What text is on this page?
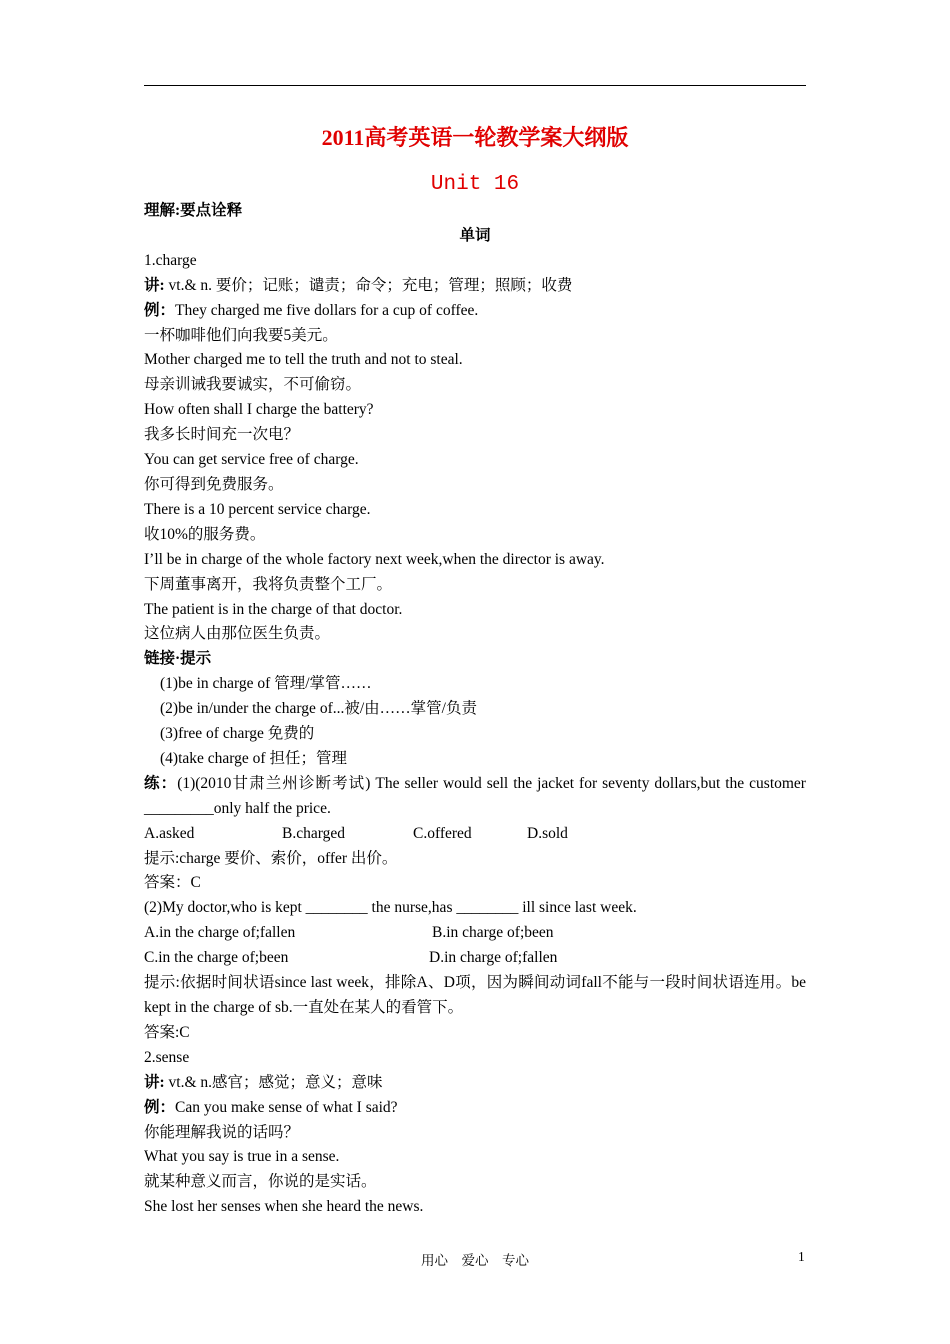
2011高考英语一轮教学案大纲版
Unit 16

理解:要点诠释

单词

1.charge

讲: vt.& n. 要价；记账；谴责；命令；充电；管理；照顾；收费

例：They charged me five dollars for a cup of coffee.

一杯咖啡他们向我要5美元。

Mother charged me to tell the truth and not to steal.

母亲训诫我要诚实，不可偷窃。

How often shall I charge the battery?

我多长时间充一次电？

You can get service free of charge.

你可得到免费服务。

There is a 10 percent service charge.

收10%的服务费。

I’ll be in charge of the whole factory next week,when the director is away.

下周董事离开，我将负责整个工厂。

The patient is in the charge of that doctor.

这位病人由那位医生负责。

链接·提示

(1)be in charge of 管理/掌管……

(2)be in/under the charge of...被/由……掌管/负责

(3)free of charge 免费的

(4)take charge of 担任；管理

练：(1)(2010甘肃兰州诊断考试) The seller would sell the jacket for seventy dollars,but the customer _________only half the price.

A.asked	B.charged	C.offered	D.sold

提示:charge 要价、索价，offer 出价。

答案：C

(2)My doctor,who is kept ________ the nurse,has ________ ill since last week.

A.in the charge of;fallen	B.in charge of;been

C.in the charge of;been	D.in charge of;fallen

提示:依据时间状语since last week，排除A、D项，因为瞬间动词fall不能与一段时间状语连用。be kept in the charge of sb.一直处在某人的看管下。

答案:C

2.sense

讲: vt.& n.感官；感觉；意义；意味

例：Can you make sense of what I said?

你能理解我说的话吗？

What you say is true in a sense.

就某种意义而言，你说的是实话。

She lost her senses when she heard the news.

用心　爱心　专心	1
